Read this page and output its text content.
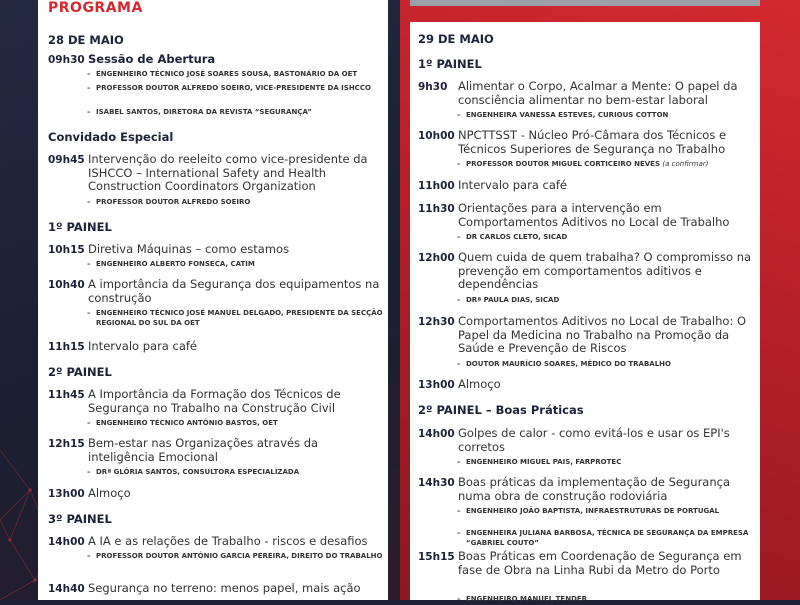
PROGRAMA
28 DE MAIO
09h30 Sessão de Abertura
– ENGENHEIRO TÉCNICO JOSÉ SOARES SOUSA, BASTONÁRIO DA OET
– PROFESSOR DOUTOR ALFREDO SOEIRO, VICE-PRESIDENTE DA ISHCCO
– ISABEL SANTOS, DIRETORA DA REVISTA “SEGURANÇA”
Convidado Especial
09h45 Intervenção do reeleito como vice-presidente da ISHCCO – International Safety and Health Construction Coordinators Organization
– PROFESSOR DOUTOR ALFREDO SOEIRO
1º PAINEL
10h15 Diretiva Máquinas – como estamos
– ENGENHEIRO ALBERTO FONSECA, CATIM
10h40 A importância da Segurança dos equipamentos na construção
– ENGENHEIRO TÉCNICO JOSÉ MANUEL DELGADO, PRESIDENTE DA SECÇÃO REGIONAL DO SUL DA OET
11h15 Intervalo para café
2º PAINEL
11h45 A Importância da Formação dos Técnicos de Segurança no Trabalho na Construção Civil
– ENGENHEIRO TÉCNICO ANTÓNIO BASTOS, OET
12h15 Bem-estar nas Organizações através da inteligência Emocional
– DRª GLÓRIA SANTOS, CONSULTORA ESPECIALIZADA
13h00 Almoço
3º PAINEL
14h00 A IA e as relações de Trabalho - riscos e desafios
– PROFESSOR DOUTOR ANTÓNIO GARCIA PEREIRA, DIREITO DO TRABALHO
14h40 Segurança no terreno: menos papel, mais ação
29 DE MAIO
1º PAINEL
9h30 Alimentar o Corpo, Acalmar a Mente: O papel da consciência alimentar no bem-estar laboral
– ENGENHEIRA VANESSA ESTEVES, CURIOUS COTTON
10h00 NPCTTSST - Núcleo Pró-Câmara dos Técnicos e Técnicos Superiores de Segurança no Trabalho
– PROFESSOR DOUTOR MIGUEL CORTICEIRO NEVES (a confirmar)
11h00 Intervalo para café
11h30 Orientações para a intervenção em Comportamentos Aditivos no Local de Trabalho
– DR CARLOS CLETO, SICAD
12h00 Quem cuida de quem trabalha? O compromisso na prevenção em comportamentos aditivos e dependências
– DRª PAULA DIAS, SICAD
12h30 Comportamentos Aditivos no Local de Trabalho: O Papel da Medicina no Trabalho na Promoção da Saúde e Prevenção de Riscos
– DOUTOR MAURÍCIO SOARES, MÉDICO DO TRABALHO
13h00 Almoço
2º PAINEL – Boas Práticas
14h00 Golpes de calor - como evitá-los e usar os EPI's corretos
– ENGENHEIRO MIGUEL PAIS, FARPROTEC
14h30 Boas práticas da implementação de Segurança numa obra de construção rodoviária
– ENGENHEIRO JOÃO BAPTISTA, INFRAESTRUTURAS DE PORTUGAL
– ENGENHEIRA JULIANA BARBOSA, TÉCNICA DE SEGURANÇA DA EMPRESA “GABRIEL COUTO”
15h15 Boas Práticas em Coordenação de Segurança em fase de Obra na Linha Rubi da Metro do Porto
– ENGENHEIRO MANUEL TENDER
